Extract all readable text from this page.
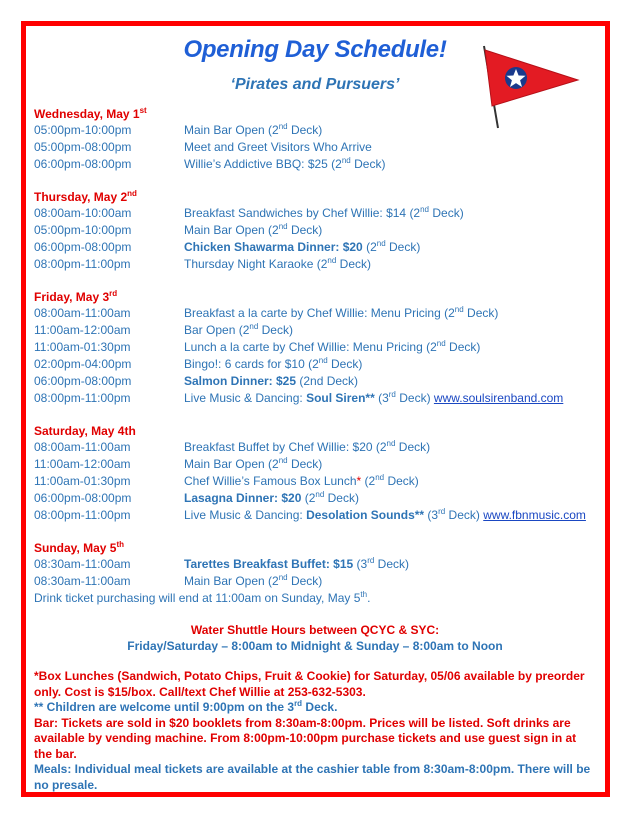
Opening Day Schedule!
‘Pirates and Pursuers’
Wednesday, May 1st
05:00pm-10:00pm	Main Bar Open (2nd Deck)
05:00pm-08:00pm	Meet and Greet Visitors Who Arrive
06:00pm-08:00pm	Willie’s Addictive BBQ: $25 (2nd Deck)
Thursday, May 2nd
08:00am-10:00am	Breakfast Sandwiches by Chef Willie: $14 (2nd Deck)
05:00pm-10:00pm	Main Bar Open (2nd Deck)
06:00pm-08:00pm	Chicken Shawarma Dinner: $20 (2nd Deck)
08:00pm-11:00pm	Thursday Night Karaoke (2nd Deck)
Friday, May 3rd
08:00am-11:00am	Breakfast a la carte by Chef Willie: Menu Pricing (2nd Deck)
11:00am-12:00am	Bar Open (2nd Deck)
11:00am-01:30pm	Lunch a la carte by Chef Willie: Menu Pricing (2nd Deck)
02:00pm-04:00pm	Bingo!: 6 cards for $10 (2nd Deck)
06:00pm-08:00pm	Salmon Dinner: $25 (2nd Deck)
08:00pm-11:00pm	Live Music & Dancing: Soul Siren** (3rd Deck) www.soulsirenband.com
Saturday, May 4th
08:00am-11:00am	Breakfast Buffet by Chef Willie: $20 (2nd Deck)
11:00am-12:00am	Main Bar Open (2nd Deck)
11:00am-01:30pm	Chef Willie’s Famous Box Lunch* (2nd Deck)
06:00pm-08:00pm	Lasagna Dinner: $20 (2nd Deck)
08:00pm-11:00pm	Live Music & Dancing: Desolation Sounds** (3rd Deck) www.fbnmusic.com
Sunday, May 5th
08:30am-11:00am	Tarettes Breakfast Buffet: $15 (3rd Deck)
08:30am-11:00am	Main Bar Open (2nd Deck)
Drink ticket purchasing will end at 11:00am on Sunday, May 5th.
Water Shuttle Hours between QCYC & SYC:
Friday/Saturday – 8:00am to Midnight & Sunday – 8:00am to Noon
*Box Lunches (Sandwich, Potato Chips, Fruit & Cookie) for Saturday, 05/06 available by preorder only. Cost is $15/box. Call/text Chef Willie at 253-632-5303.
** Children are welcome until 9:00pm on the 3rd Deck.
Bar: Tickets are sold in $20 booklets from 8:30am-8:00pm. Prices will be listed. Soft drinks are available by vending machine. From 8:00pm-10:00pm purchase tickets and use guest sign in at the bar.
Meals: Individual meal tickets are available at the cashier table from 8:30am-8:00pm. There will be no presale.
